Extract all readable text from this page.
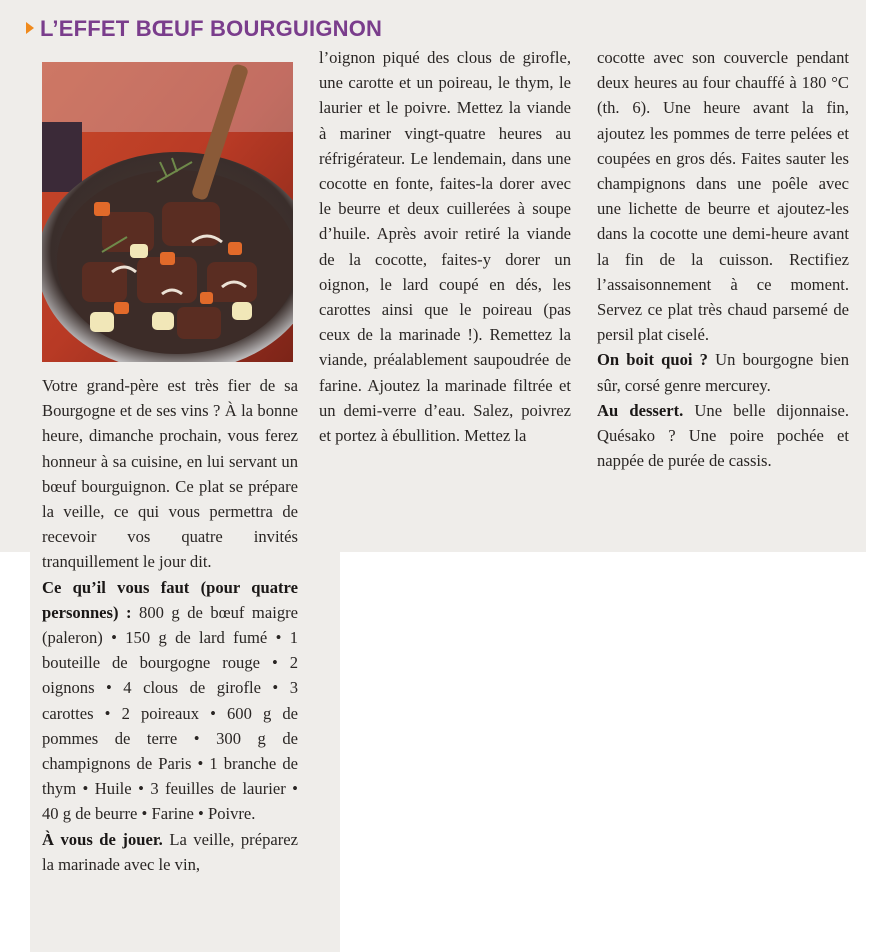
L’EFFET BŒUF BOURGUIGNON

Votre grand-père est très fier de sa Bourgogne et de ses vins ? À la bonne heure, dimanche prochain, vous ferez honneur à sa cuisine, en lui servant un bœuf bourguignon. Ce plat se prépare la veille, ce qui vous permettra de recevoir vos quatre invités tranquillement le jour dit.

Ce qu’il vous faut (pour quatre personnes) : 800 g de bœuf maigre (paleron) • 150 g de lard fumé • 1 bouteille de bourgogne rouge • 2 oignons • 4 clous de girofle • 3 carottes • 2 poireaux • 600 g de pommes de terre • 300 g de champignons de Paris • 1 branche de thym • Huile • 3 feuilles de laurier • 40 g de beurre • Farine • Poivre.

À vous de jouer. La veille, préparez la marinade avec le vin,

l’oignon piqué des clous de girofle, une carotte et un poireau, le thym, le laurier et le poivre. Mettez la viande à mariner vingt-quatre heures au réfrigérateur. Le lendemain, dans une cocotte en fonte, faites-la dorer avec le beurre et deux cuillerées à soupe d’huile. Après avoir retiré la viande de la cocotte, faites-y dorer un oignon, le lard coupé en dés, les carottes ainsi que le poireau (pas ceux de la marinade !). Remettez la viande, préalablement saupoudrée de farine. Ajoutez la marinade filtrée et un demi-verre d’eau. Salez, poivrez et portez à ébullition. Mettez la

cocotte avec son couvercle pendant deux heures au four chauffé à 180 °C (th. 6). Une heure avant la fin, ajoutez les pommes de terre pelées et coupées en gros dés. Faites sauter les champignons dans une poêle avec une lichette de beurre et ajoutez-les dans la cocotte une demi-heure avant la fin de la cuisson. Rectifiez l’assaisonnement à ce moment. Servez ce plat très chaud parsemé de persil plat ciselé.

On boit quoi ? Un bourgogne bien sûr, corsé genre mercurey.

Au dessert. Une belle dijonnaise. Quésako ? Une poire pochée et nappée de purée de cassis.
